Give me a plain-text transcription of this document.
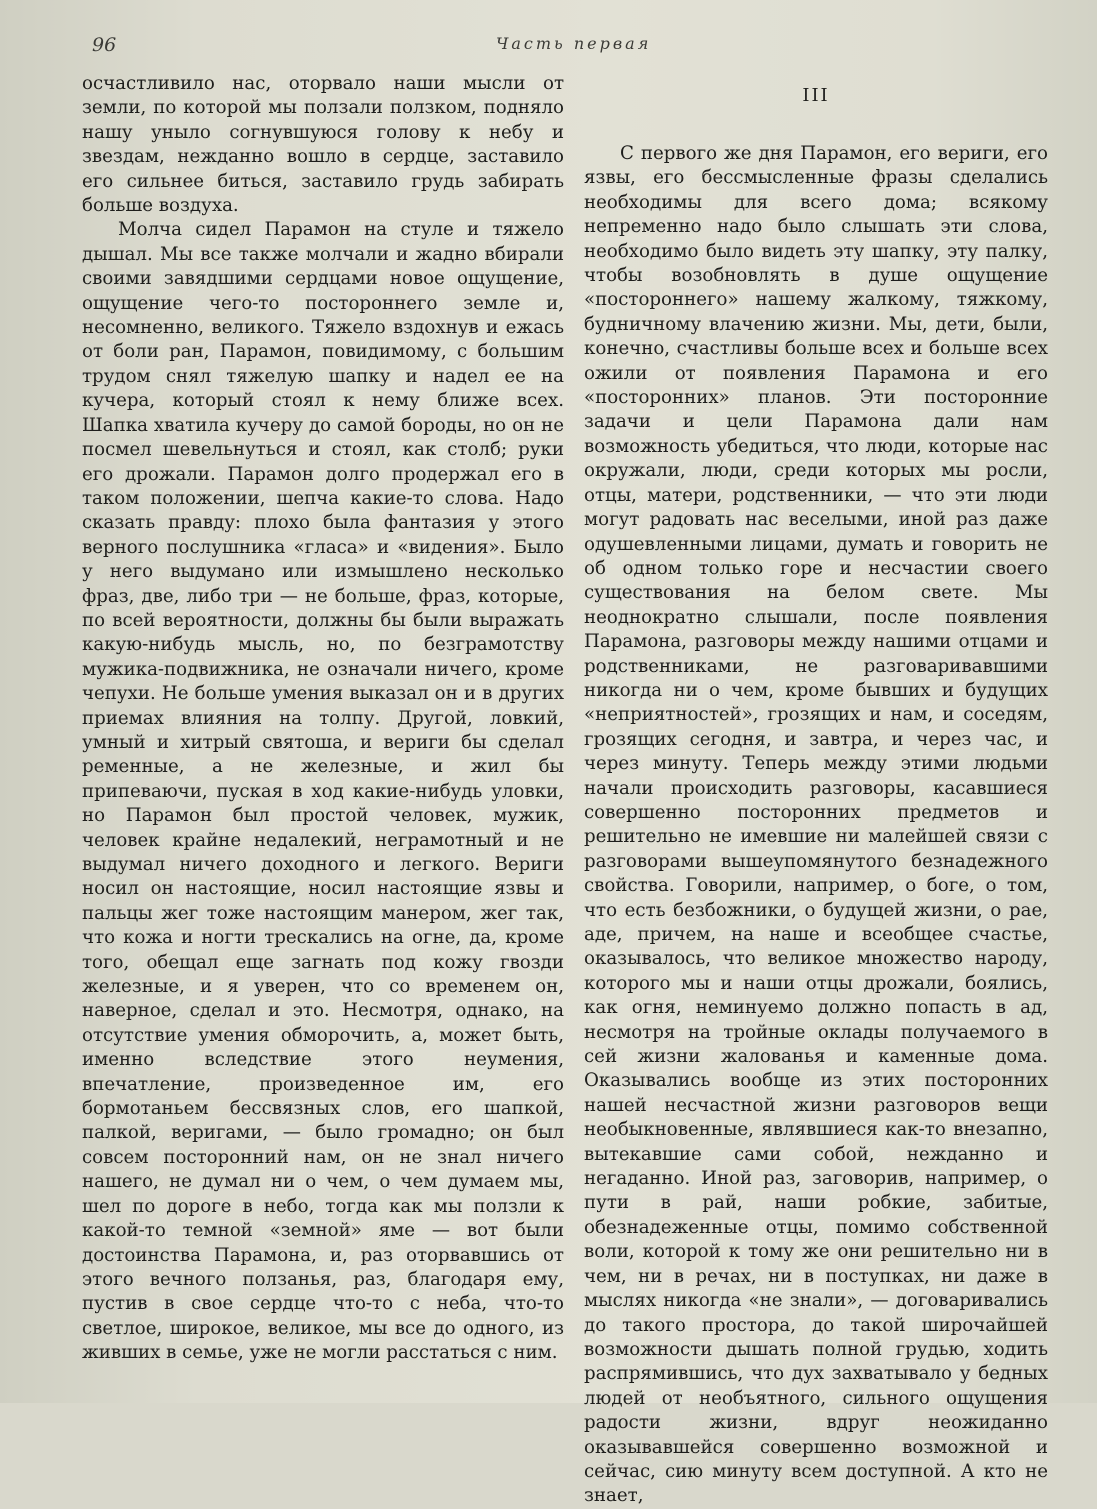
96	Часть первая

осчастливило нас, оторвало наши мысли от земли, по которой мы ползали ползком, подняло нашу уныло согнувшуюся голову к небу и звездам, нежданно вошло в сердце, заставило его сильнее биться, заставило грудь забирать больше воздуха.

Молча сидел Парамон на стуле и тяжело дышал. Мы все также молчали и жадно вбирали своими завядшими сердцами новое ощущение, ощущение чего-то постороннего земле и, несомненно, великого. Тяжело вздохнув и ежась от боли ран, Парамон, повидимому, с большим трудом снял тяжелую шапку и надел ее на кучера, который стоял к нему ближе всех. Шапка хватила кучеру до самой бороды, но он не посмел шевельнуться и стоял, как столб; руки его дрожали. Парамон долго продержал его в таком положении, шепча какие-то слова. Надо сказать правду: плохо была фантазия у этого верного послушника «гласа» и «видения». Было у него выдумано или измышлено несколько фраз, две, либо три — не больше, фраз, которые, по всей вероятности, должны бы были выражать какую-нибудь мысль, но, по безграмотству мужика-подвижника, не означали ничего, кроме чепухи. Не больше умения выказал он и в других приемах влияния на толпу. Другой, ловкий, умный и хитрый святоша, и вериги бы сделал ременные, а не железные, и жил бы припеваючи, пуская в ход какие-нибудь уловки, но Парамон был простой человек, мужик, человек крайне недалекий, неграмотный и не выдумал ничего доходного и легкого. Вериги носил он настоящие, носил настоящие язвы и пальцы жег тоже настоящим манером, жег так, что кожа и ногти трескались на огне, да, кроме того, обещал еще загнать под кожу гвозди железные, и я уверен, что со временем он, наверное, сделал и это. Несмотря, однако, на отсутствие умения обморочить, а, может быть, именно вследствие этого неумения, впечатление, произведенное им, его бормотаньем бессвязных слов, его шапкой, палкой, веригами, — было громадно; он был совсем посторонний нам, он не знал ничего нашего, не думал ни о чем, о чем думаем мы, шел по дороге в небо, тогда как мы ползли к какой-то темной «земной» яме — вот были достоинства Парамона, и, раз оторвавшись от этого вечного ползанья, раз, благодаря ему, пустив в свое сердце что-то с неба, что-то светлое, широкое, великое, мы все до одного, из живших в семье, уже не могли расстаться с ним.

III

С первого же дня Парамон, его вериги, его язвы, его бессмысленные фразы сделались необходимы для всего дома; всякому непременно надо было слышать эти слова, необходимо было видеть эту шапку, эту палку, чтобы возобновлять в душе ощущение «постороннего» нашему жалкому, тяжкому, будничному влачению жизни. Мы, дети, были, конечно, счастливы больше всех и больше всех ожили от появления Парамона и его «посторонних» планов. Эти посторонние задачи и цели Парамона дали нам возможность убедиться, что люди, которые нас окружали, люди, среди которых мы росли, отцы, матери, родственники, — что эти люди могут радовать нас веселыми, иной раз даже одушевленными лицами, думать и говорить не об одном только горе и несчастии своего существования на белом свете. Мы неоднократно слышали, после появления Парамона, разговоры между нашими отцами и родственниками, не разговаривавшими никогда ни о чем, кроме бывших и будущих «неприятностей», грозящих и нам, и соседям, грозящих сегодня, и завтра, и через час, и через минуту. Теперь между этими людьми начали происходить разговоры, касавшиеся совершенно посторонних предметов и решительно не имевшие ни малейшей связи с разговорами вышеупомянутого безнадежного свойства. Говорили, например, о боге, о том, что есть безбожники, о будущей жизни, о рае, аде, причем, на наше и всеобщее счастье, оказывалось, что великое множество народу, которого мы и наши отцы дрожали, боялись, как огня, неминуемо должно попасть в ад, несмотря на тройные оклады получаемого в сей жизни жалованья и каменные дома. Оказывались вообще из этих посторонних нашей несчастной жизни разговоров вещи необыкновенные, являвшиеся как-то внезапно, вытекавшие сами собой, нежданно и негаданно. Иной раз, заговорив, например, о пути в рай, наши робкие, забитые, обезнадеженные отцы, помимо собственной воли, которой к тому же они решительно ни в чем, ни в речах, ни в поступках, ни даже в мыслях никогда «не знали», — договаривались до такого простора, до такой широчайшей возможности дышать полной грудью, ходить распрямившись, что дух захватывало у бедных людей от необъятного, сильного ощущения радости жизни, вдруг неожиданно оказывавшейся совершенно возможной и сейчас, сию минуту всем доступной. А кто не знает,
